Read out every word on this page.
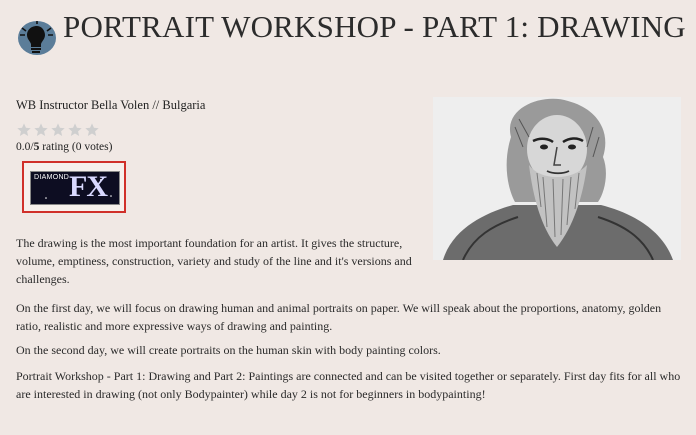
PORTRAIT WORKSHOP - PART 1: DRAWING
WB Instructor Bella Volen // Bulgaria
0.0/5 rating (0 votes)
DIAMOND FX

The drawing is the most important foundation for an artist. It gives the structure, volume, emptiness, construction, variety and study of the line and it's versions and challenges.

On the first day, we will focus on drawing human and animal portraits on paper. We will speak about the proportions, anatomy, golden ratio, realistic and more expressive ways of drawing and painting.

On the second day, we will create portraits on the human skin with body painting colors.

Portrait Workshop - Part 1: Drawing and Part 2: Paintings are connected and can be visited together or separately. First day fits for all who are interested in drawing (not only Bodypainter) while day 2 is not for beginners in bodypainting!
